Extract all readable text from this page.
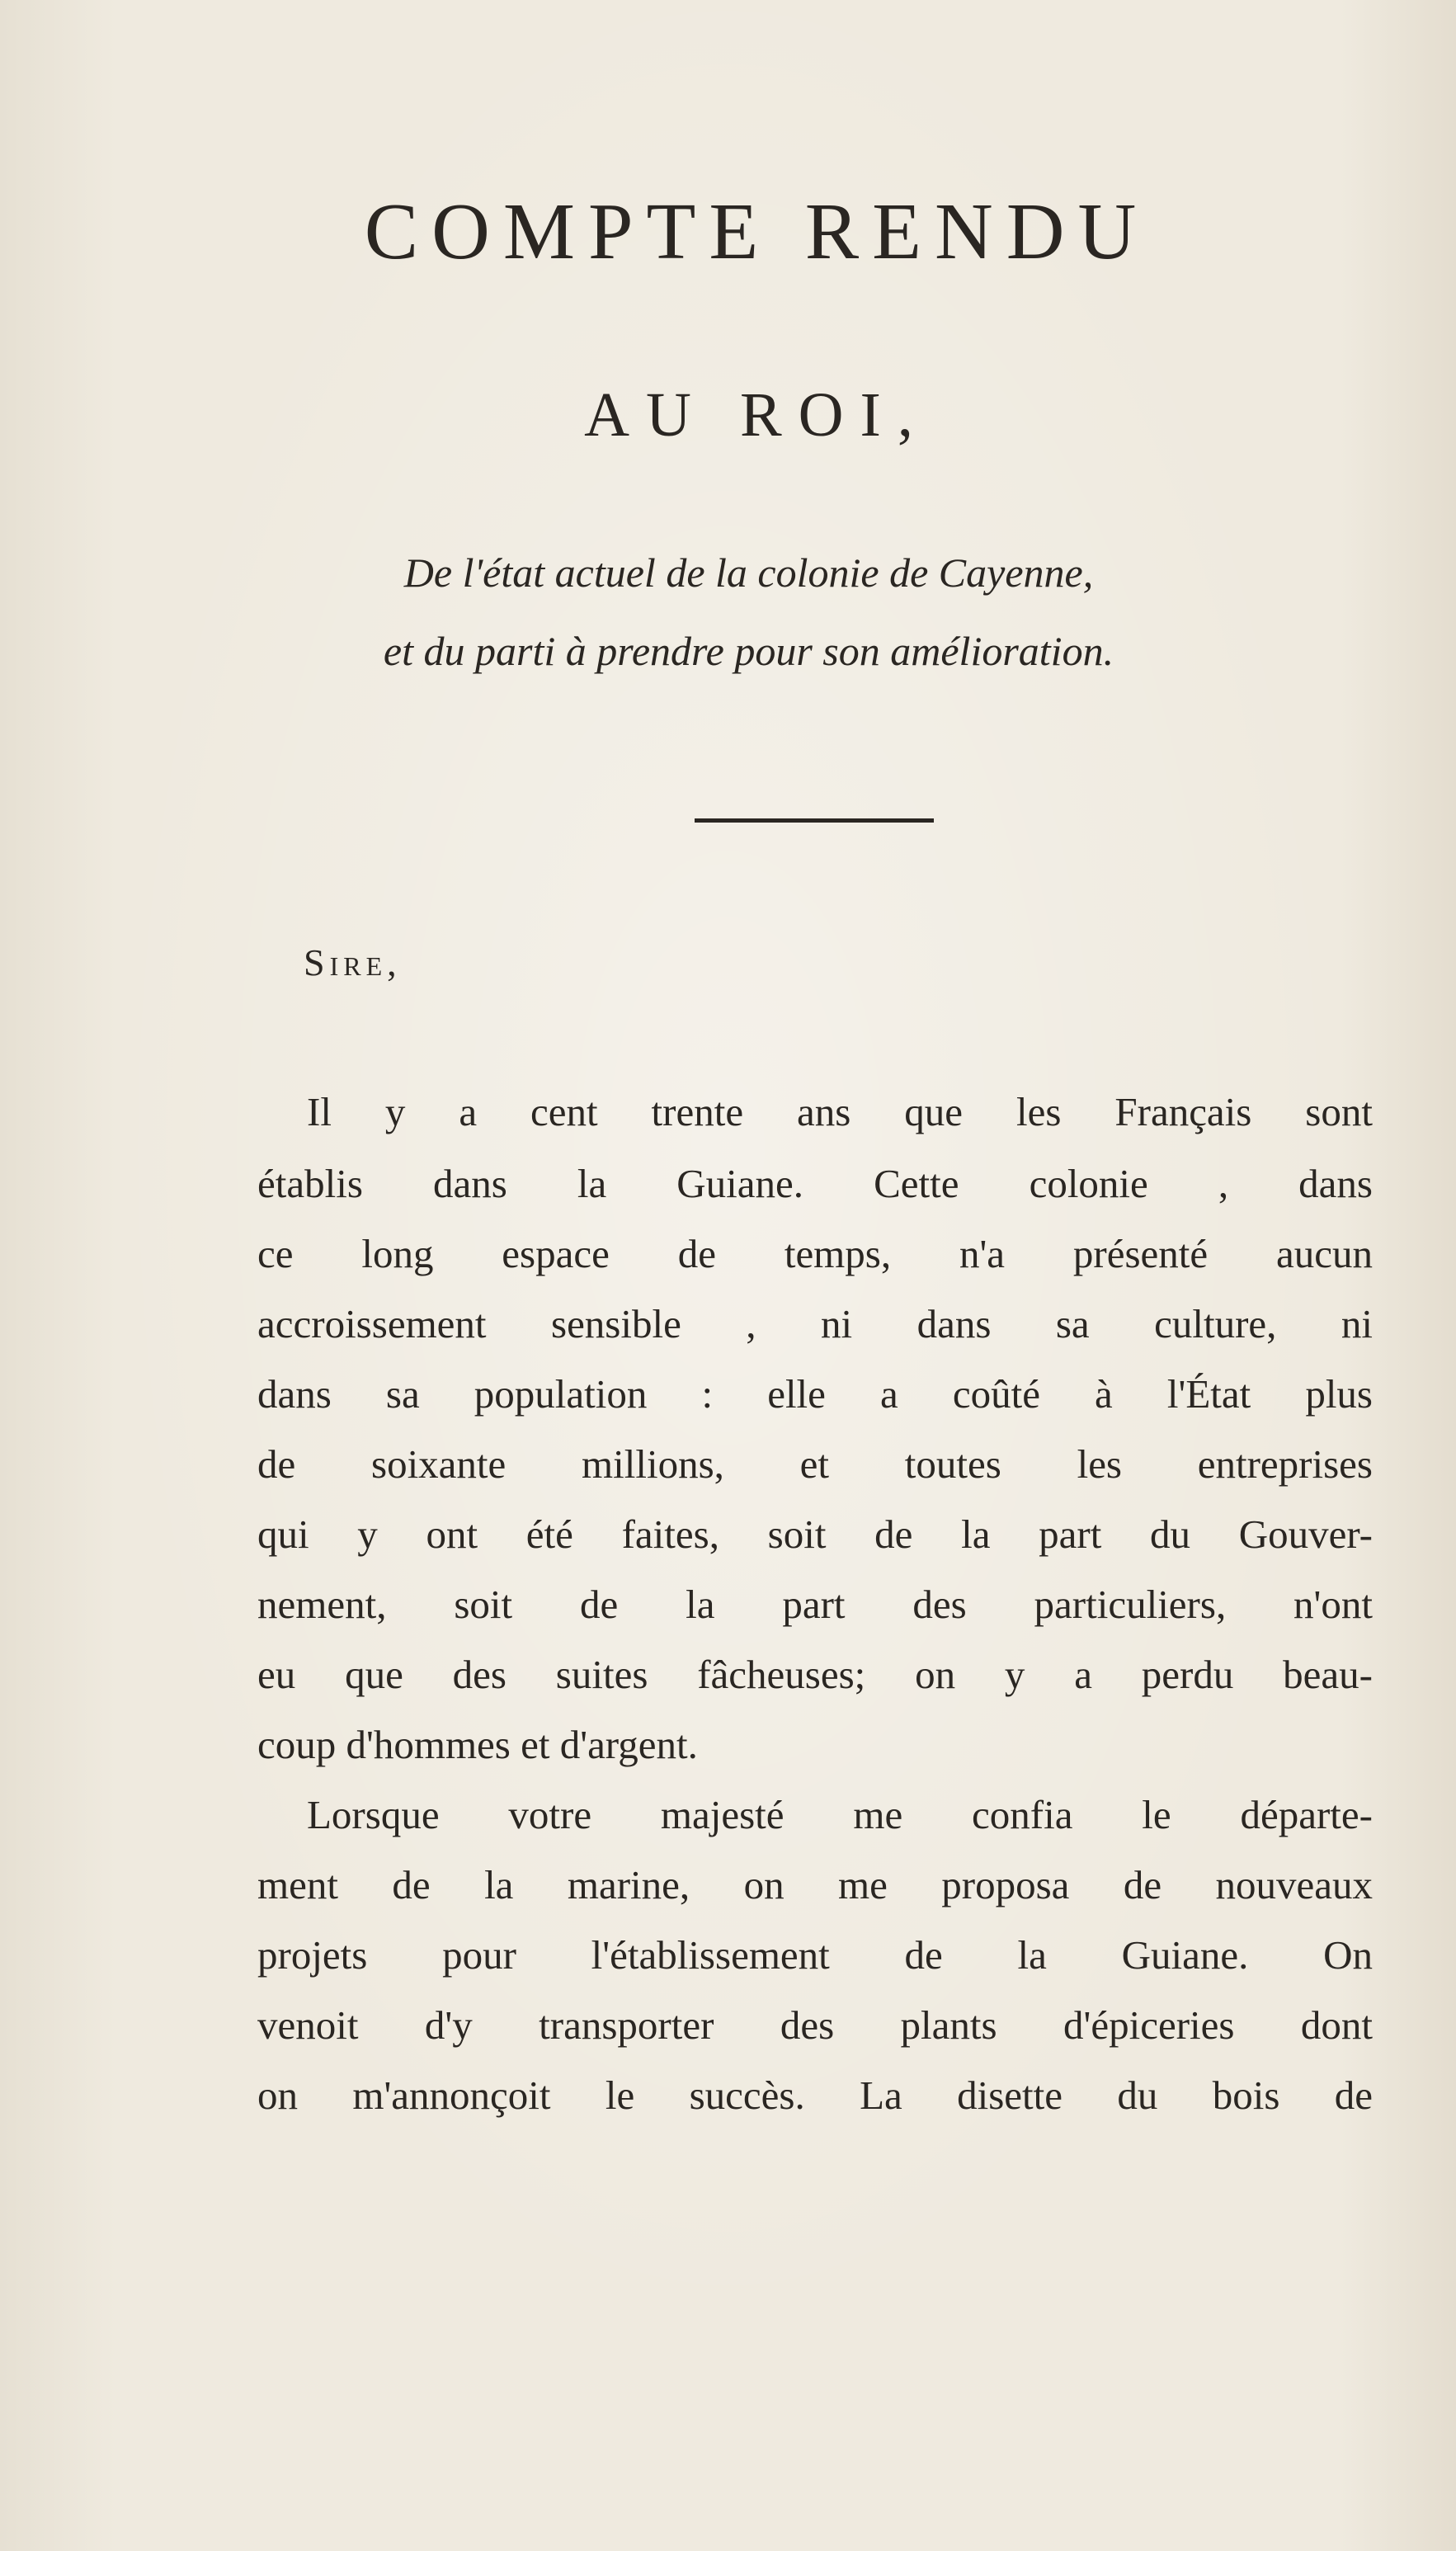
COMPTE RENDU
AU ROI,

De l'état actuel de la colonie de Cayenne,

et du parti à prendre pour son amélioration.

Sire,

Il y a cent trente ans que les Français sont

établis dans la Guiane. Cette colonie , dans

ce long espace de temps, n'a présenté aucun

accroissement sensible , ni dans sa culture, ni

dans sa population : elle a coûté à l'État plus

de soixante millions, et toutes les entreprises

qui y ont été faites, soit de la part du Gouver-

nement, soit de la part des particuliers, n'ont

eu que des suites fâcheuses; on y a perdu beau-

coup d'hommes et d'argent.

Lorsque votre majesté me confia le départe-

ment de la marine, on me proposa de nouveaux

projets pour l'établissement de la Guiane. On

venoit d'y transporter des plants d'épiceries dont

on m'annonçoit le succès. La disette du bois de
